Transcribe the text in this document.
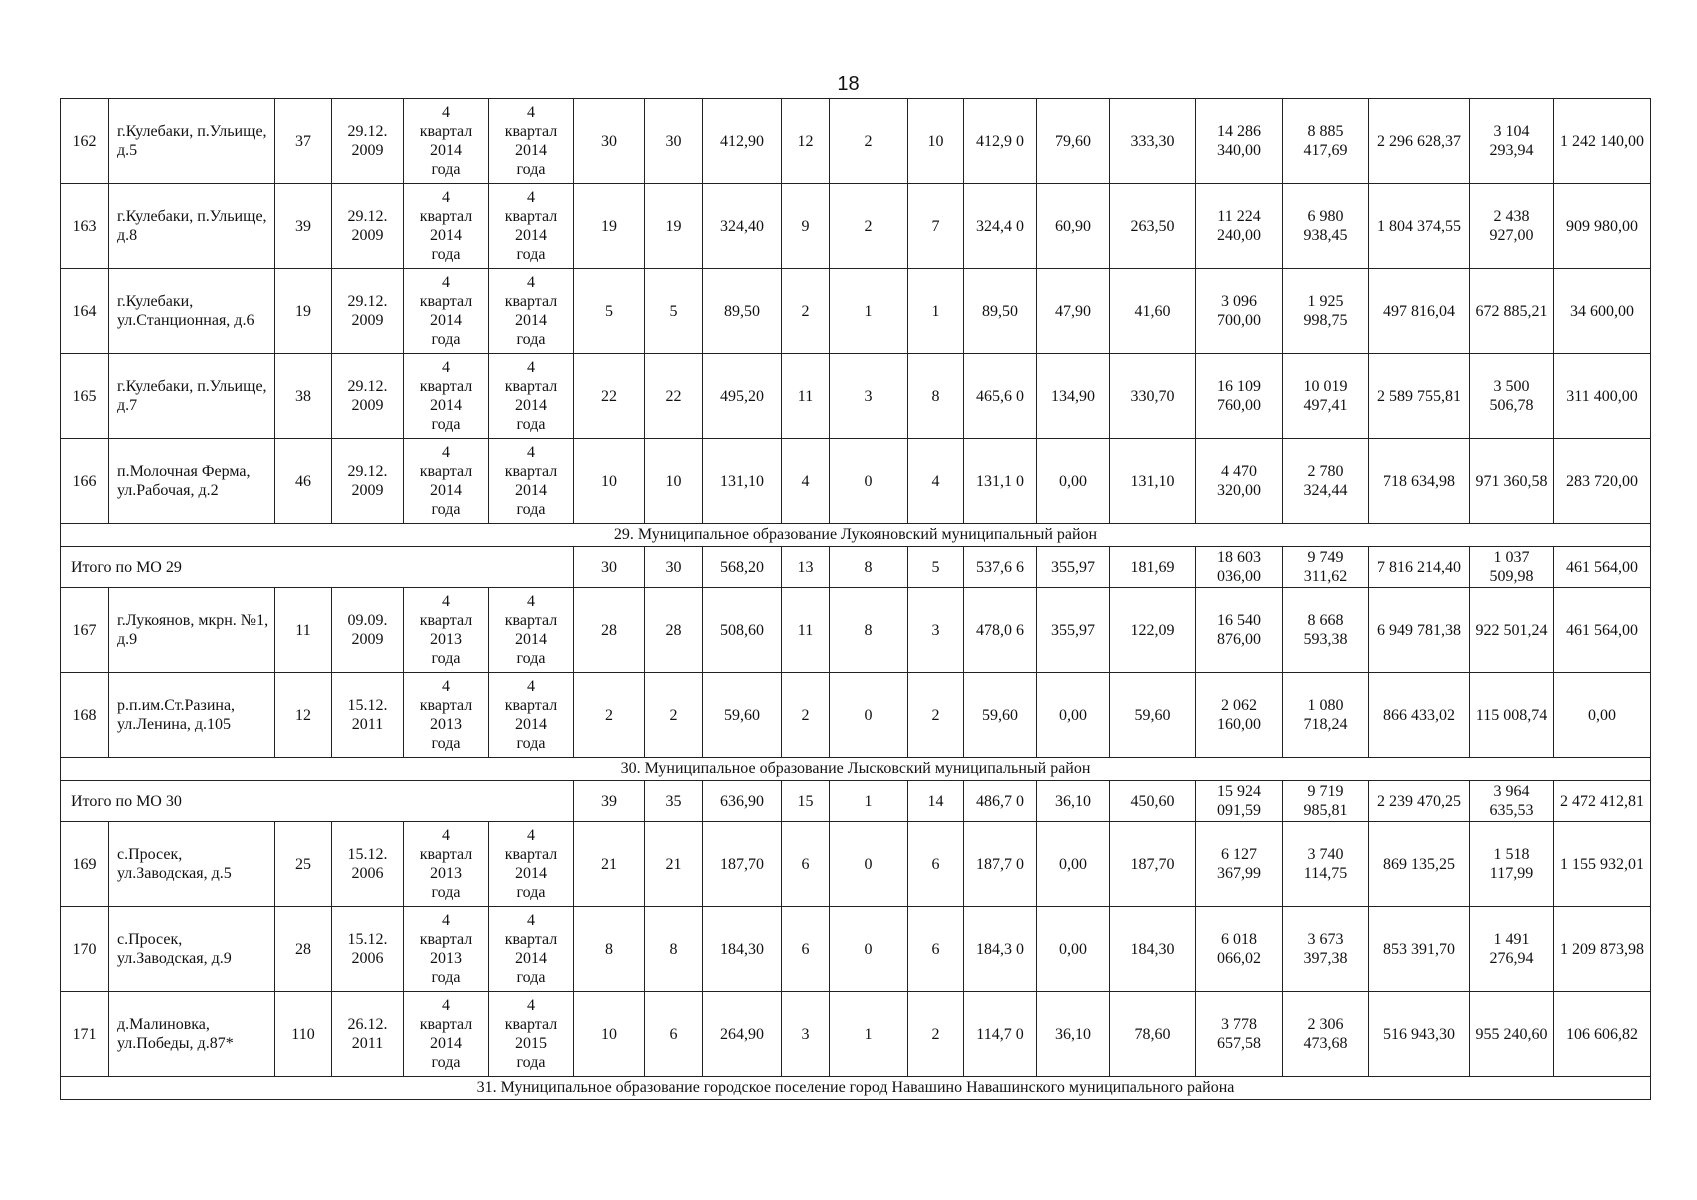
18
162	г.Кулебаки, п.Ульище, д.5	37	29.12. 2009	4
квартал
2014
года	4
квартал
2014
года	30	30	412,90	12	2	10	412,9 0	79,60	333,30	14 286 340,00	8 885 417,69	2 296 628,37	3 104 293,94	1 242 140,00
163	г.Кулебаки, п.Ульище, д.8	39	29.12. 2009	4
квартал
2014
года	4
квартал
2014
года	19	19	324,40	9	2	7	324,4 0	60,90	263,50	11 224 240,00	6 980 938,45	1 804 374,55	2 438 927,00	909 980,00
164	г.Кулебаки, ул.Станционная, д.6	19	29.12. 2009	4
квартал
2014
года	4
квартал
2014
года	5	5	89,50	2	1	1	89,50	47,90	41,60	3 096 700,00	1 925 998,75	497 816,04	672 885,21	34 600,00
165	г.Кулебаки, п.Ульище, д.7	38	29.12. 2009	4
квартал
2014
года	4
квартал
2014
года	22	22	495,20	11	3	8	465,6 0	134,90	330,70	16 109 760,00	10 019 497,41	2 589 755,81	3 500 506,78	311 400,00
166	п.Молочная Ферма, ул.Рабочая, д.2	46	29.12. 2009	4
квартал
2014
года	4
квартал
2014
года	10	10	131,10	4	0	4	131,1 0	0,00	131,10	4 470 320,00	2 780 324,44	718 634,98	971 360,58	283 720,00
29. Муниципальное образование Лукояновский муниципальный район																			
Итого по МО 29						30	30	568,20	13	8	5	537,6 6	355,97	181,69	18 603 036,00	9 749 311,62	7 816 214,40	1 037 509,98	461 564,00
167	г.Лукоянов, мкрн. №1, д.9	11	09.09. 2009	4
квартал
2013
года	4
квартал
2014
года	28	28	508,60	11	8	3	478,0 6	355,97	122,09	16 540 876,00	8 668 593,38	6 949 781,38	922 501,24	461 564,00
168	р.п.им.Ст.Разина, ул.Ленина, д.105	12	15.12. 2011	4
квартал
2013
года	4
квартал
2014
года	2	2	59,60	2	0	2	59,60	0,00	59,60	2 062 160,00	1 080 718,24	866 433,02	115 008,74	0,00
30. Муниципальное образование Лысковский муниципальный район																			
Итого по МО 30						39	35	636,90	15	1	14	486,7 0	36,10	450,60	15 924 091,59	9 719 985,81	2 239 470,25	3 964 635,53	2 472 412,81
169	с.Просек, ул.Заводская, д.5	25	15.12. 2006	4
квартал
2013
года	4
квартал
2014
года	21	21	187,70	6	0	6	187,7 0	0,00	187,70	6 127 367,99	3 740 114,75	869 135,25	1 518 117,99	1 155 932,01
170	с.Просек, ул.Заводская, д.9	28	15.12. 2006	4
квартал
2013
года	4
квартал
2014
года	8	8	184,30	6	0	6	184,3 0	0,00	184,30	6 018 066,02	3 673 397,38	853 391,70	1 491 276,94	1 209 873,98
171	д.Малиновка, ул.Победы, д.87*	110	26.12. 2011	4
квартал
2014
года	4
квартал
2015
года	10	6	264,90	3	1	2	114,7 0	36,10	78,60	3 778 657,58	2 306 473,68	516 943,30	955 240,60	106 606,82
31. Муниципальное образование городское поселение город Навашино Навашинского муниципального района																			
